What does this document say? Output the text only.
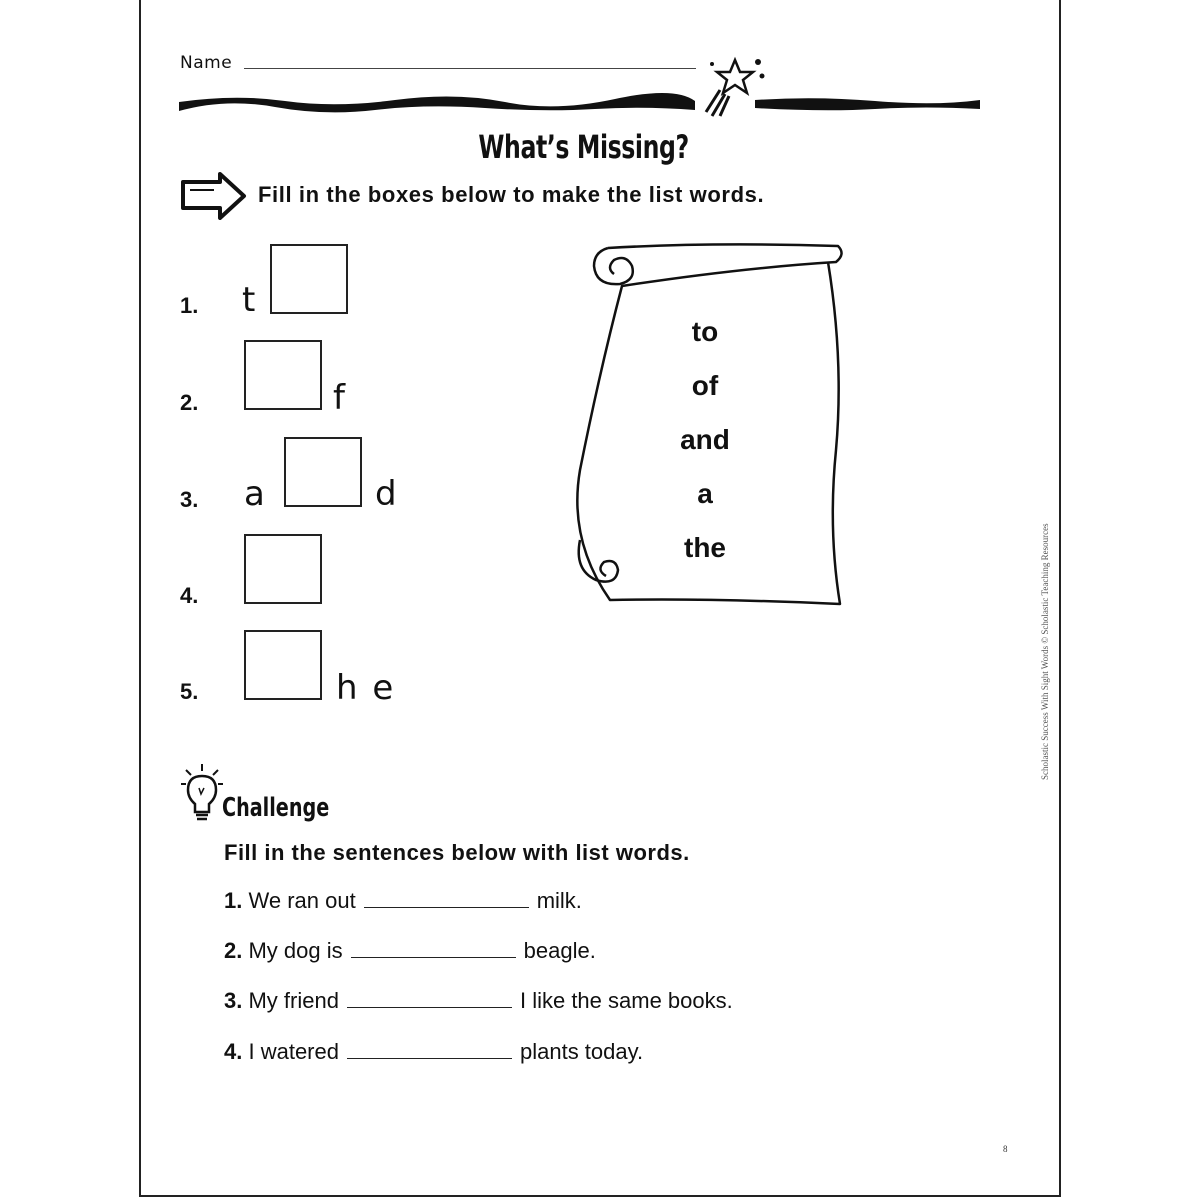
Name
What’s Missing?
Fill in the boxes below to make the list words.
1. t
2.	f
3. a	d
4.
5.	h e
to
of
and
a
the
Challenge
Fill in the sentences below with list words.
1. We ran out	milk.
2. My dog is	beagle.
3. My friend	I like the same books.
4. I watered	plants today.
Scholastic Success With Sight Words © Scholastic Teaching Resources
8
